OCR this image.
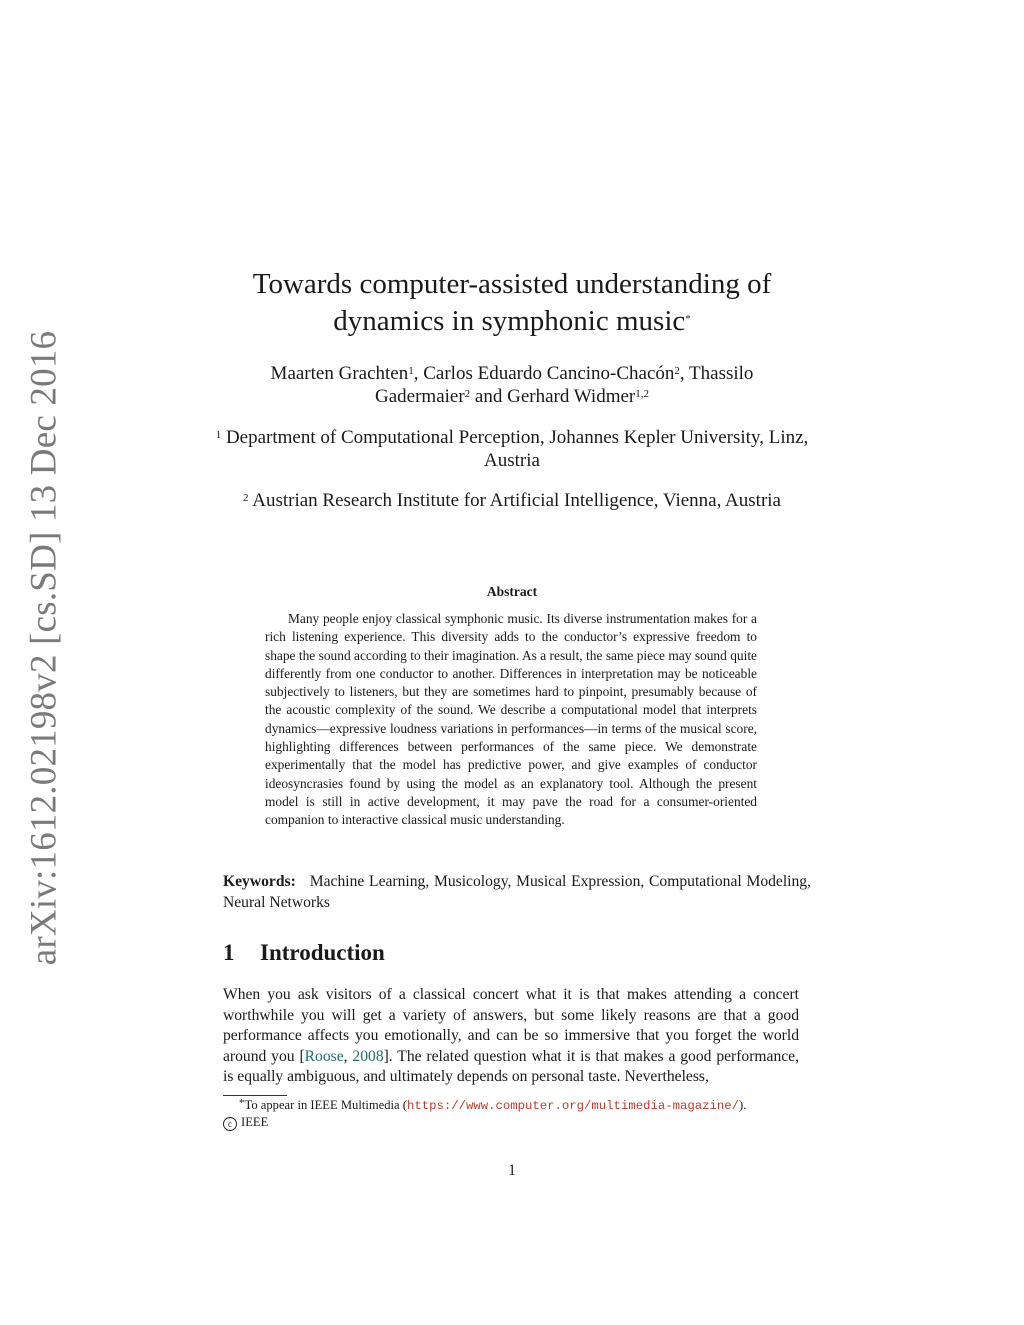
arXiv:1612.02198v2 [cs.SD] 13 Dec 2016
Towards computer-assisted understanding of
dynamics in symphonic music*
Maarten Grachten$^1$, Carlos Eduardo Cancino-Chacón$^2$, Thassilo
Gadermaier$^2$ and Gerhard Widmer$^{1,2}$
$^1$ Department of Computational Perception, Johannes Kepler University, Linz, Austria
$^2$ Austrian Research Institute for Artificial Intelligence, Vienna, Austria
Abstract
Many people enjoy classical symphonic music. Its diverse instrumentation makes for a rich listening experience. This diversity adds to the conductor’s expressive freedom to shape the sound according to their imagination. As a result, the same piece may sound quite differently from one conductor to another. Differences in interpretation may be noticeable subjectively to listeners, but they are sometimes hard to pinpoint, presumably because of the acoustic complexity of the sound. We describe a computational model that interprets dynamics—expressive loudness variations in performances—in terms of the musical score, highlighting differences between performances of the same piece. We demonstrate experimentally that the model has predictive power, and give examples of conductor ideosyncrasies found by using the model as an explanatory tool. Although the present model is still in active development, it may pave the road for a consumer-oriented companion to interactive classical music understanding.
Keywords: Machine Learning, Musicology, Musical Expression, Computational Modeling, Neural Networks
1 Introduction
When you ask visitors of a classical concert what it is that makes attending a concert worthwhile you will get a variety of answers, but some likely reasons are that a good performance affects you emotionally, and can be so immersive that you forget the world around you [Roose, 2008]. The related question what it is that makes a good performance, is equally ambiguous, and ultimately depends on personal taste. Nevertheless,
*To appear in IEEE Multimedia (https://www.computer.org/multimedia-magazine/).
c IEEE
1
